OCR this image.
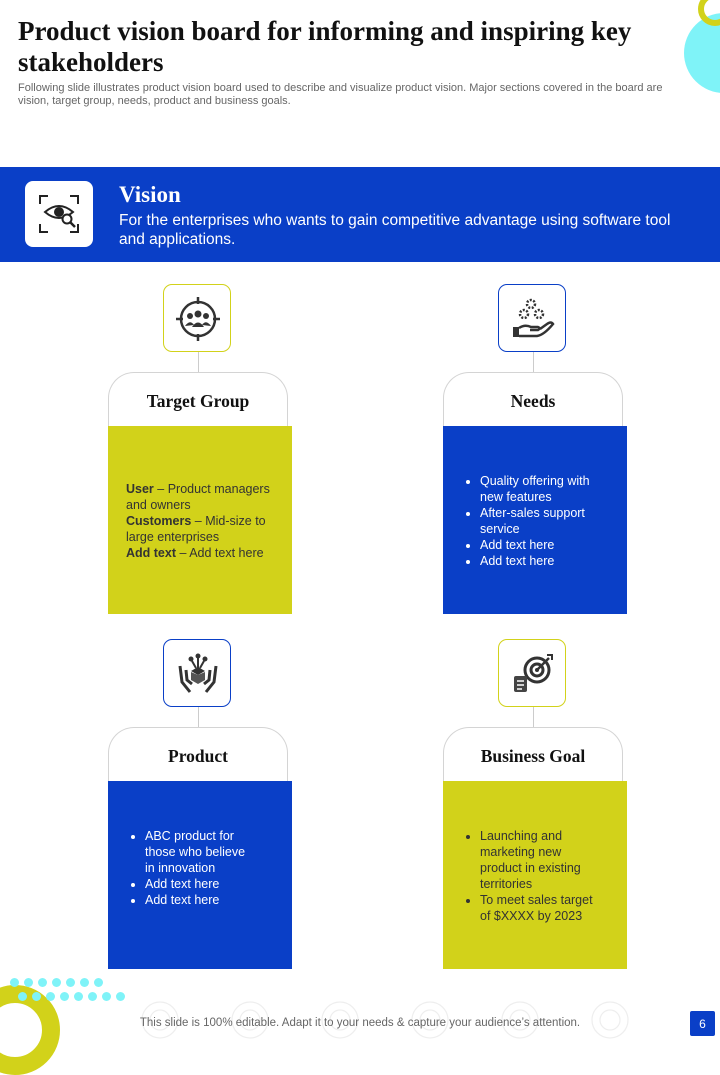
Product vision board for informing and inspiring key stakeholders

Following slide illustrates product vision board used to describe and visualize product vision. Major sections covered in the board are vision, target group, needs, product and business goals.

Vision

For the enterprises who wants to gain competitive advantage using software tool and applications.

Target Group

User – Product managers and owners

Customers – Mid-size to large enterprises

Add text – Add text here

Needs
• Quality offering with new features
• After-sales support service
• Add text here
• Add text here
Product
• ABC product for those who believe in innovation
• Add text here
• Add text here
Business Goal
• Launching and marketing new product in existing territories
• To meet sales target of $XXXX by 2023

This slide is 100% editable. Adapt it to your needs & capture your audience’s attention.	6
